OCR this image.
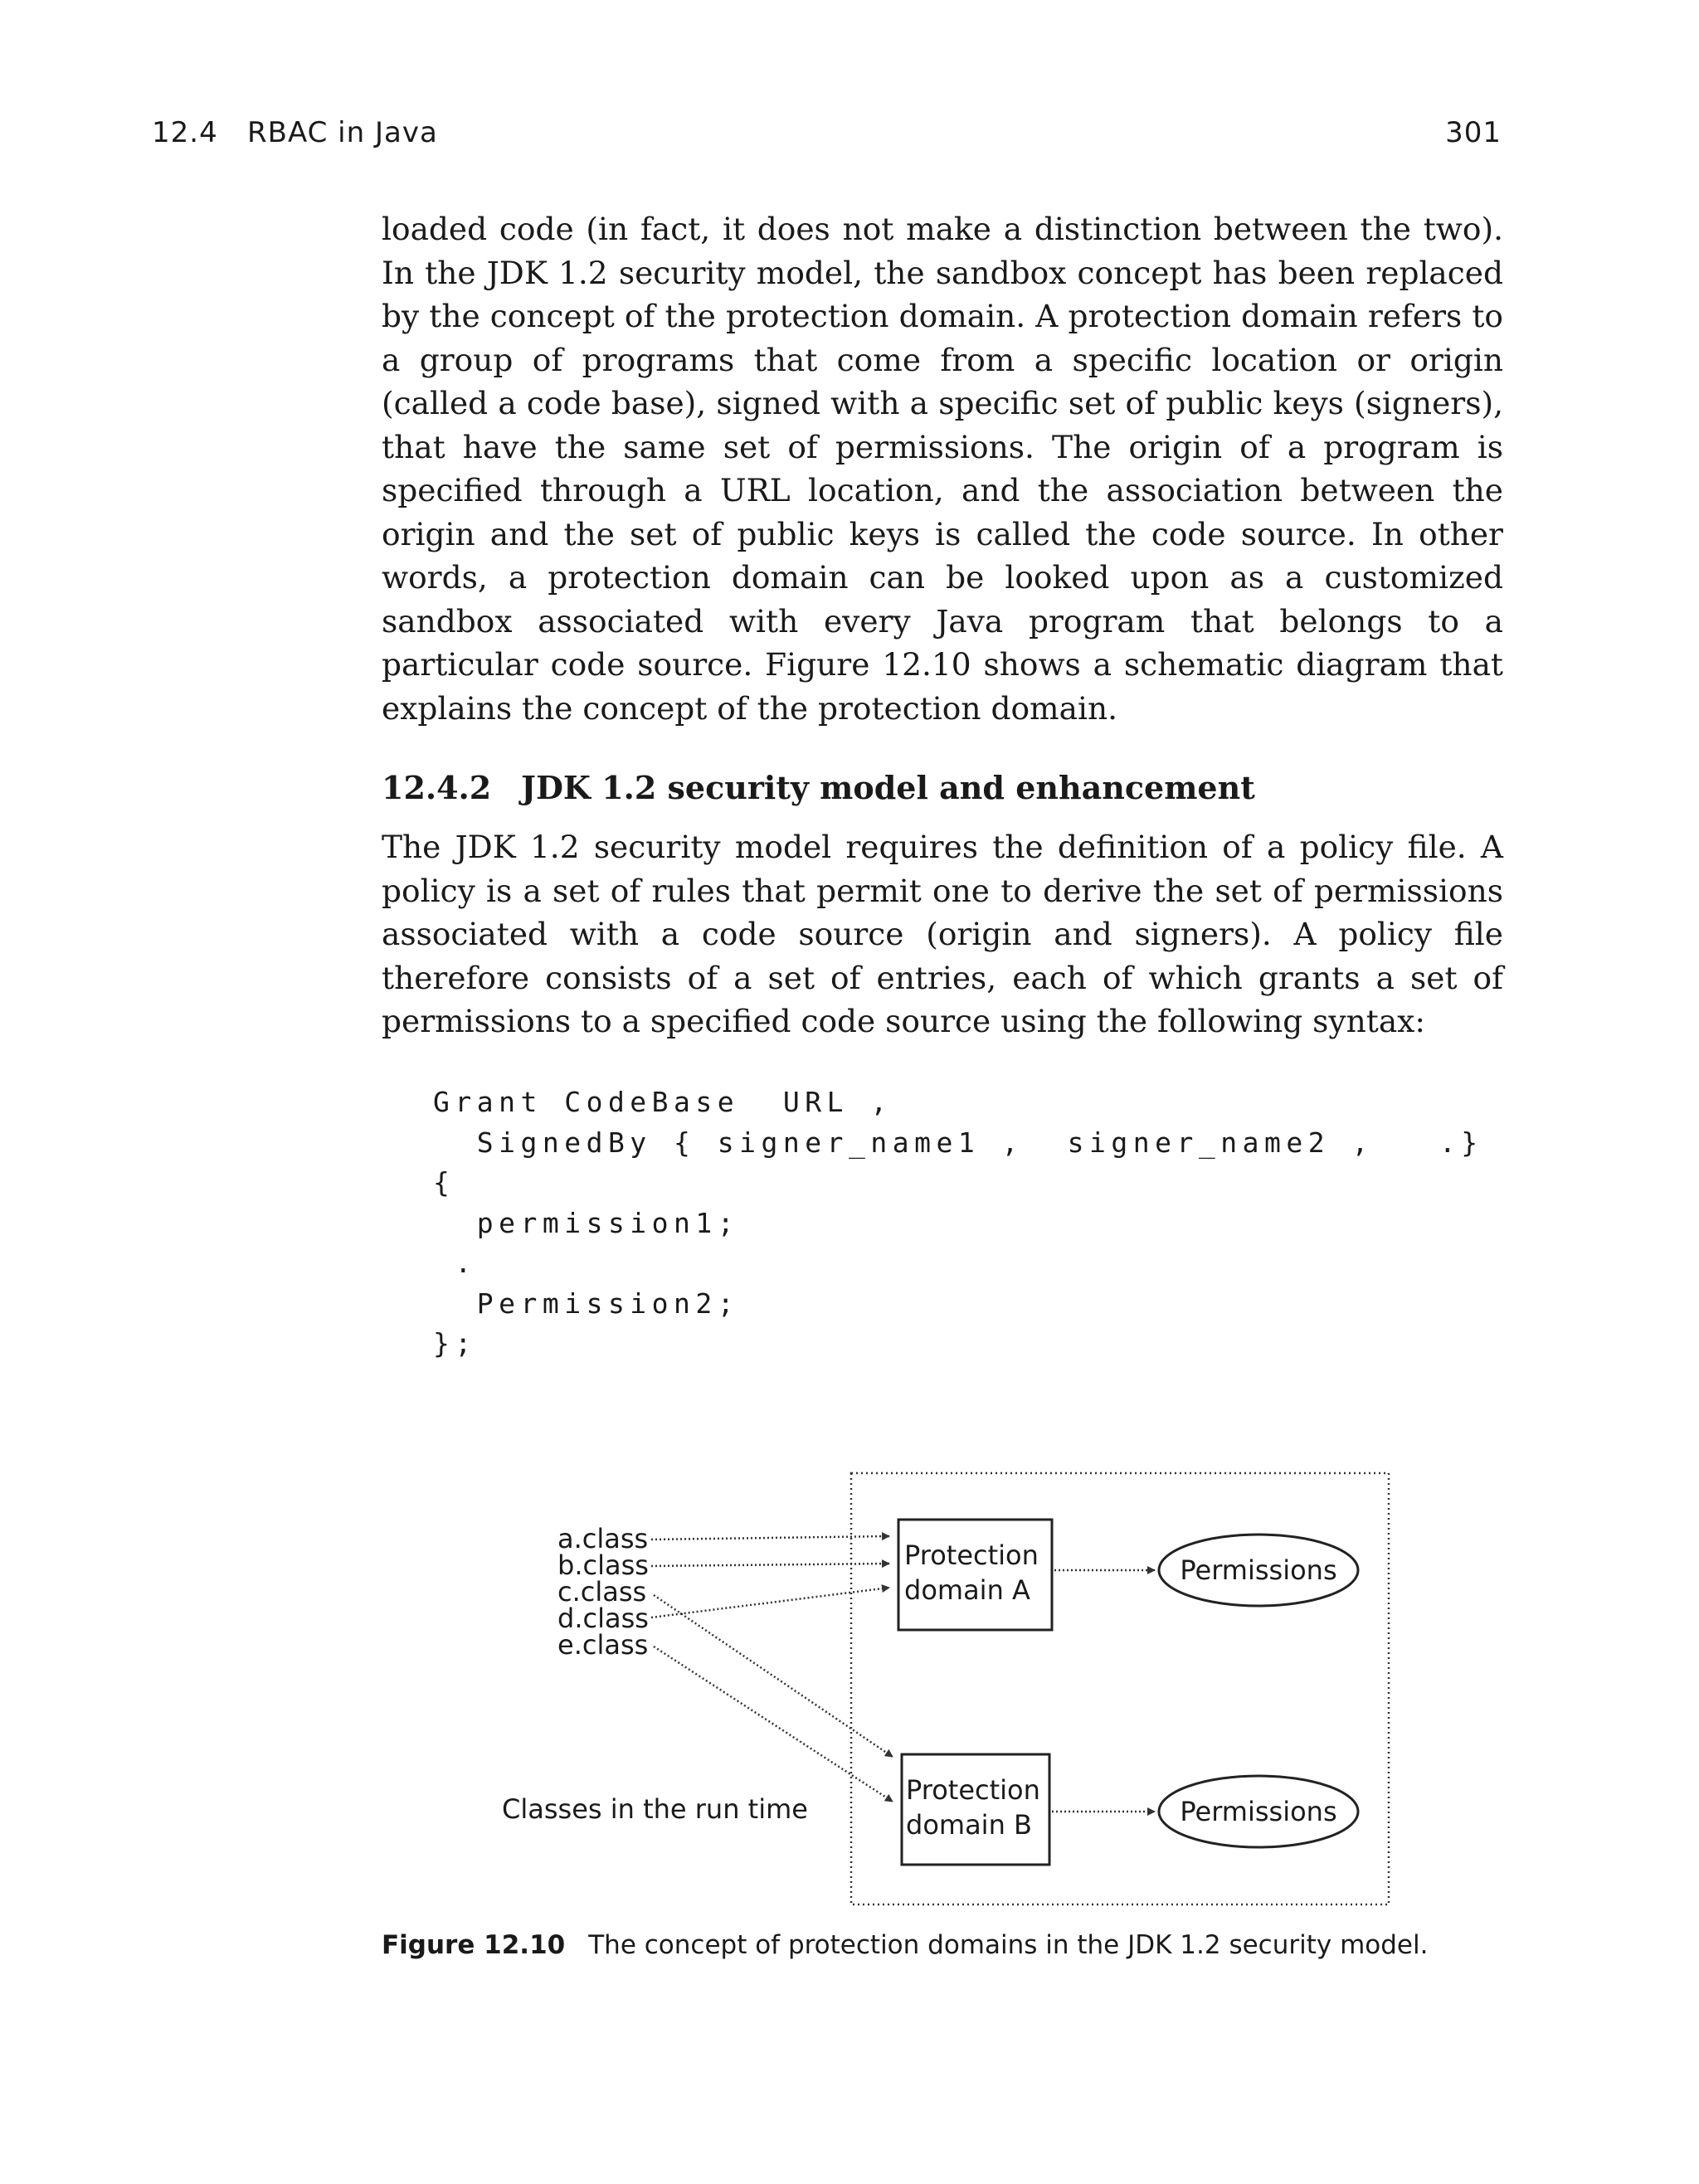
12.4 RBAC in Java	301

loaded code (in fact, it does not make a distinction between the two). In the JDK 1.2 security model, the sandbox concept has been replaced by the concept of the protection domain. A protection domain refers to a group of programs that come from a specific location or origin (called a code base), signed with a specific set of public keys (signers), that have the same set of permissions. The origin of a program is specified through a URL location, and the association between the origin and the set of public keys is called the code source. In other words, a protection domain can be looked upon as a customized sandbox associated with every Java program that belongs to a particular code source. Figure 12.10 shows a schematic diagram that explains the concept of the protection domain.

12.4.2 JDK 1.2 security model and enhancement

The JDK 1.2 security model requires the definition of a policy file. A policy is a set of rules that permit one to derive the set of permissions associated with a code source (origin and signers). A policy file therefore consists of a set of entries, each of which grants a set of permissions to a specified code source using the following syntax:

Grant CodeBase  URL ,
SignedBy { signer_name1 ,  signer_name2 ,   .}
{
permission1;
.
Permission2;
};
a.class
b.class
c.class
d.class
e.class
Classes in the run time
Protection
domain A
Protection
domain B
Permissions
Permissions

Figure 12.10 The concept of protection domains in the JDK 1.2 security model.
